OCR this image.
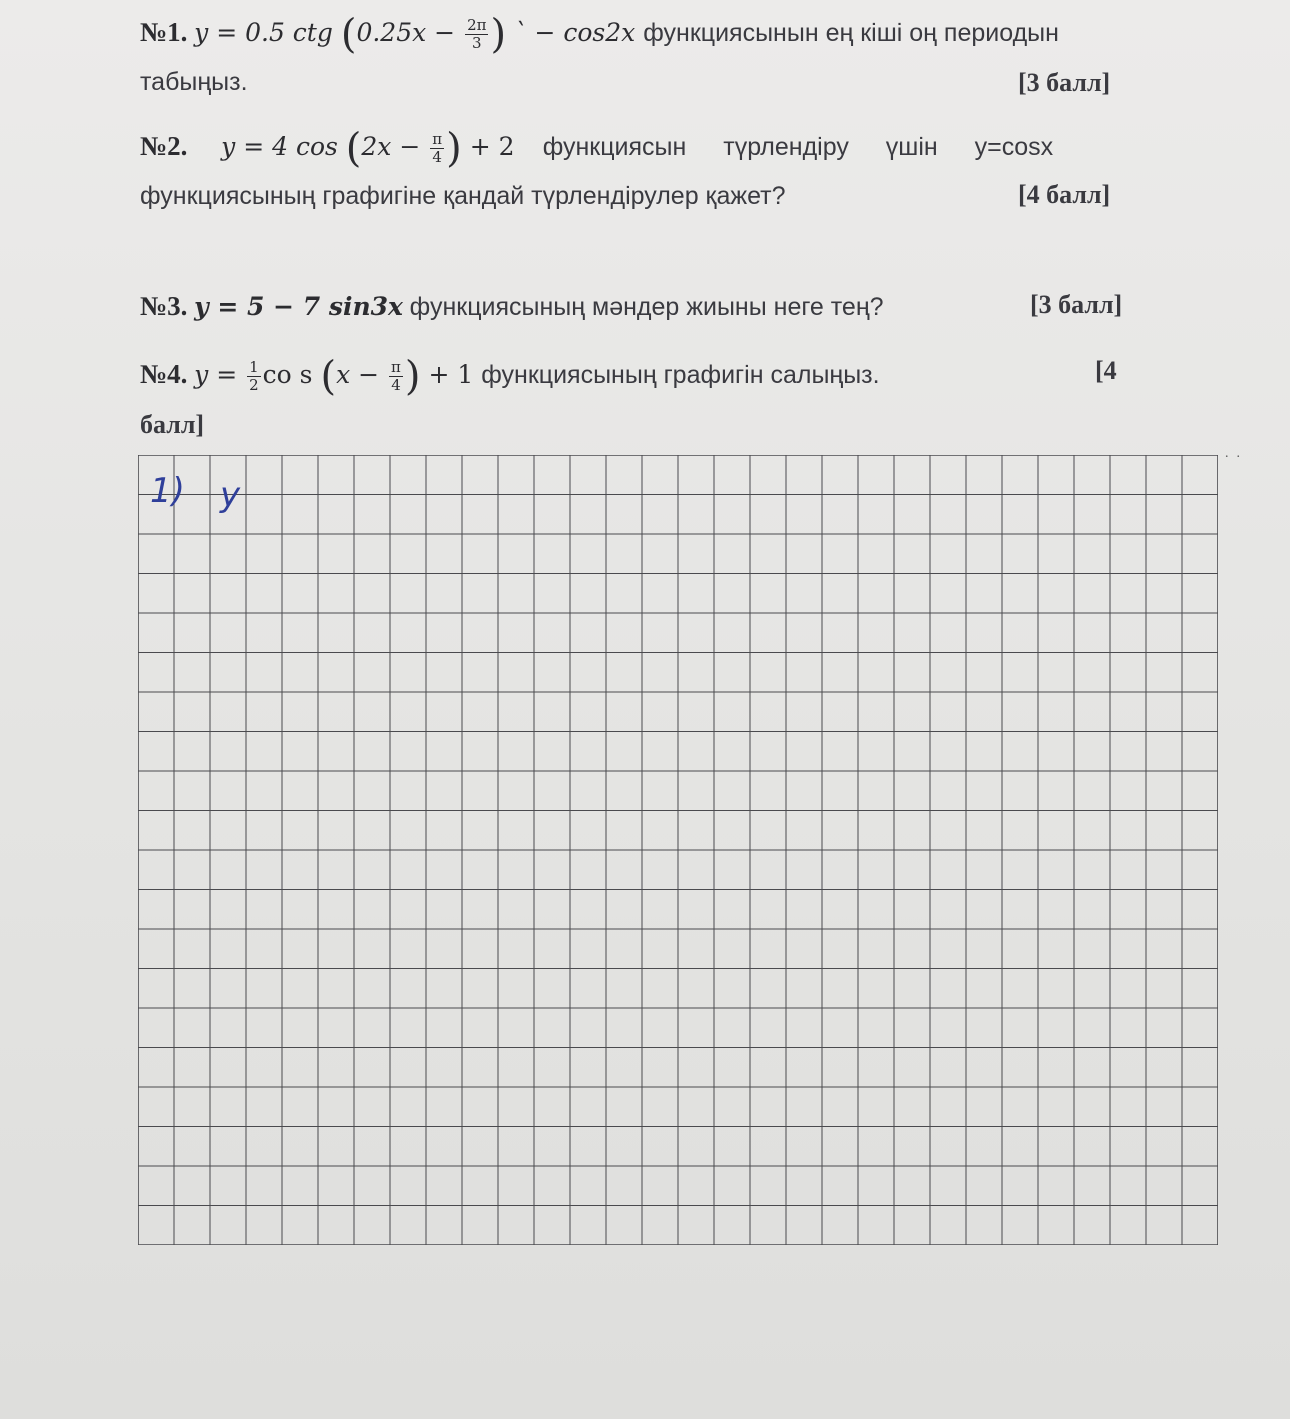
№1. y = 0.5 ctg ($0.25x - \frac{2\pi}{3}$ ) ` − cos2x функциясынын ең кіші оң периодын
табыңыз.	[3 балл]
№2. y = 4 $\cos (2x - \frac{\pi}{4}$ ) + 2 функциясын түрлендіру үшін y=cosx
функциясының графигіне қандай түрлендірулер қажет?	[4 балл]
№3. y = 5 − 7 sin3x функциясының мәндер жиыны неге тең?	[3 балл]
№4. $y = \frac{1}{2}$ co s ($x - \frac{\pi}{4}$ ) + 1 функциясының графигін салыңыз.	[4
балл]
..
1) y
